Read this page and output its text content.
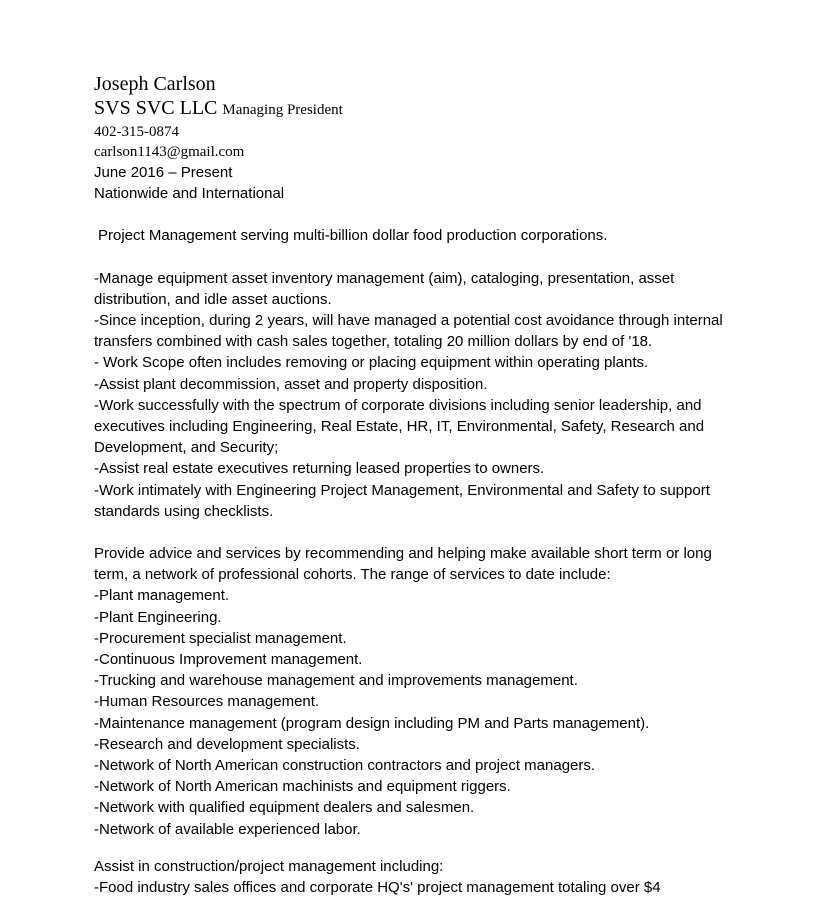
Joseph Carlson
SVS SVC LLC Managing President
402-315-0874
carlson1143@gmail.com
June 2016 – Present
Nationwide and International
Project Management serving multi-billion dollar food production corporations.
-Manage equipment asset inventory management (aim), cataloging, presentation, asset distribution, and idle asset auctions.
-Since inception, during 2 years, will have managed a potential cost avoidance through internal transfers combined with cash sales together, totaling 20 million dollars by end of '18.
- Work Scope often includes removing or placing equipment within operating plants.
-Assist plant decommission, asset and property disposition.
-Work successfully with the spectrum of corporate divisions including senior leadership, and executives including Engineering, Real Estate, HR, IT, Environmental, Safety, Research and Development, and Security;
-Assist real estate executives returning leased properties to owners.
-Work intimately with Engineering Project Management, Environmental and Safety to support standards using checklists.
Provide advice and services by recommending and helping make available short term or long term, a network of professional cohorts. The range of services to date include:
-Plant management.
-Plant Engineering.
-Procurement specialist management.
-Continuous Improvement management.
-Trucking and warehouse management and improvements management.
-Human Resources management.
-Maintenance management (program design including PM and Parts management).
-Research and development specialists.
-Network of North American construction contractors and project managers.
-Network of North American machinists and equipment riggers.
-Network with qualified equipment dealers and salesmen.
-Network of available experienced labor.
Assist in construction/project management including:
-Food industry sales offices and corporate HQ's' project management totaling over $4
